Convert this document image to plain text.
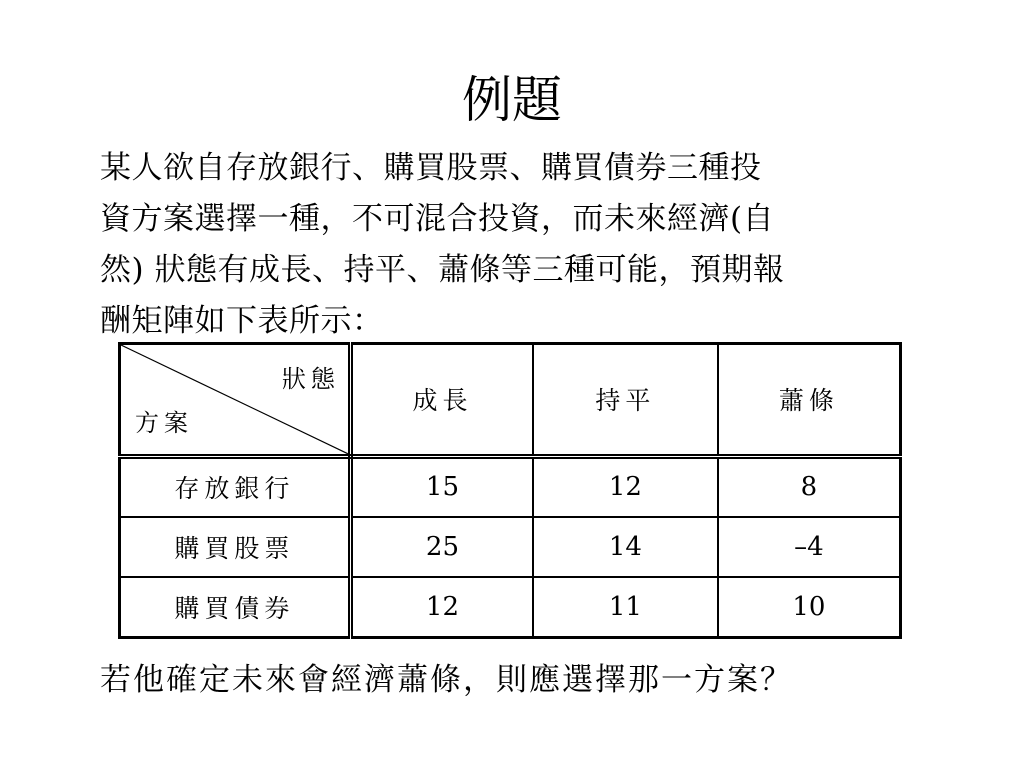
例題
某人欲自存放銀行、購買股票、購買債券三種投
資方案選擇一種，不可混合投資，而未來經濟(自
然) 狀態有成長、持平、蕭條等三種可能，預期報
酬矩陣如下表所示：
狀態
方案	成長	持平	蕭條
存放銀行	15	12	8
購買股票	25	14	–4
購買債券	12	11	10
若他確定未來會經濟蕭條，則應選擇那一方案？
